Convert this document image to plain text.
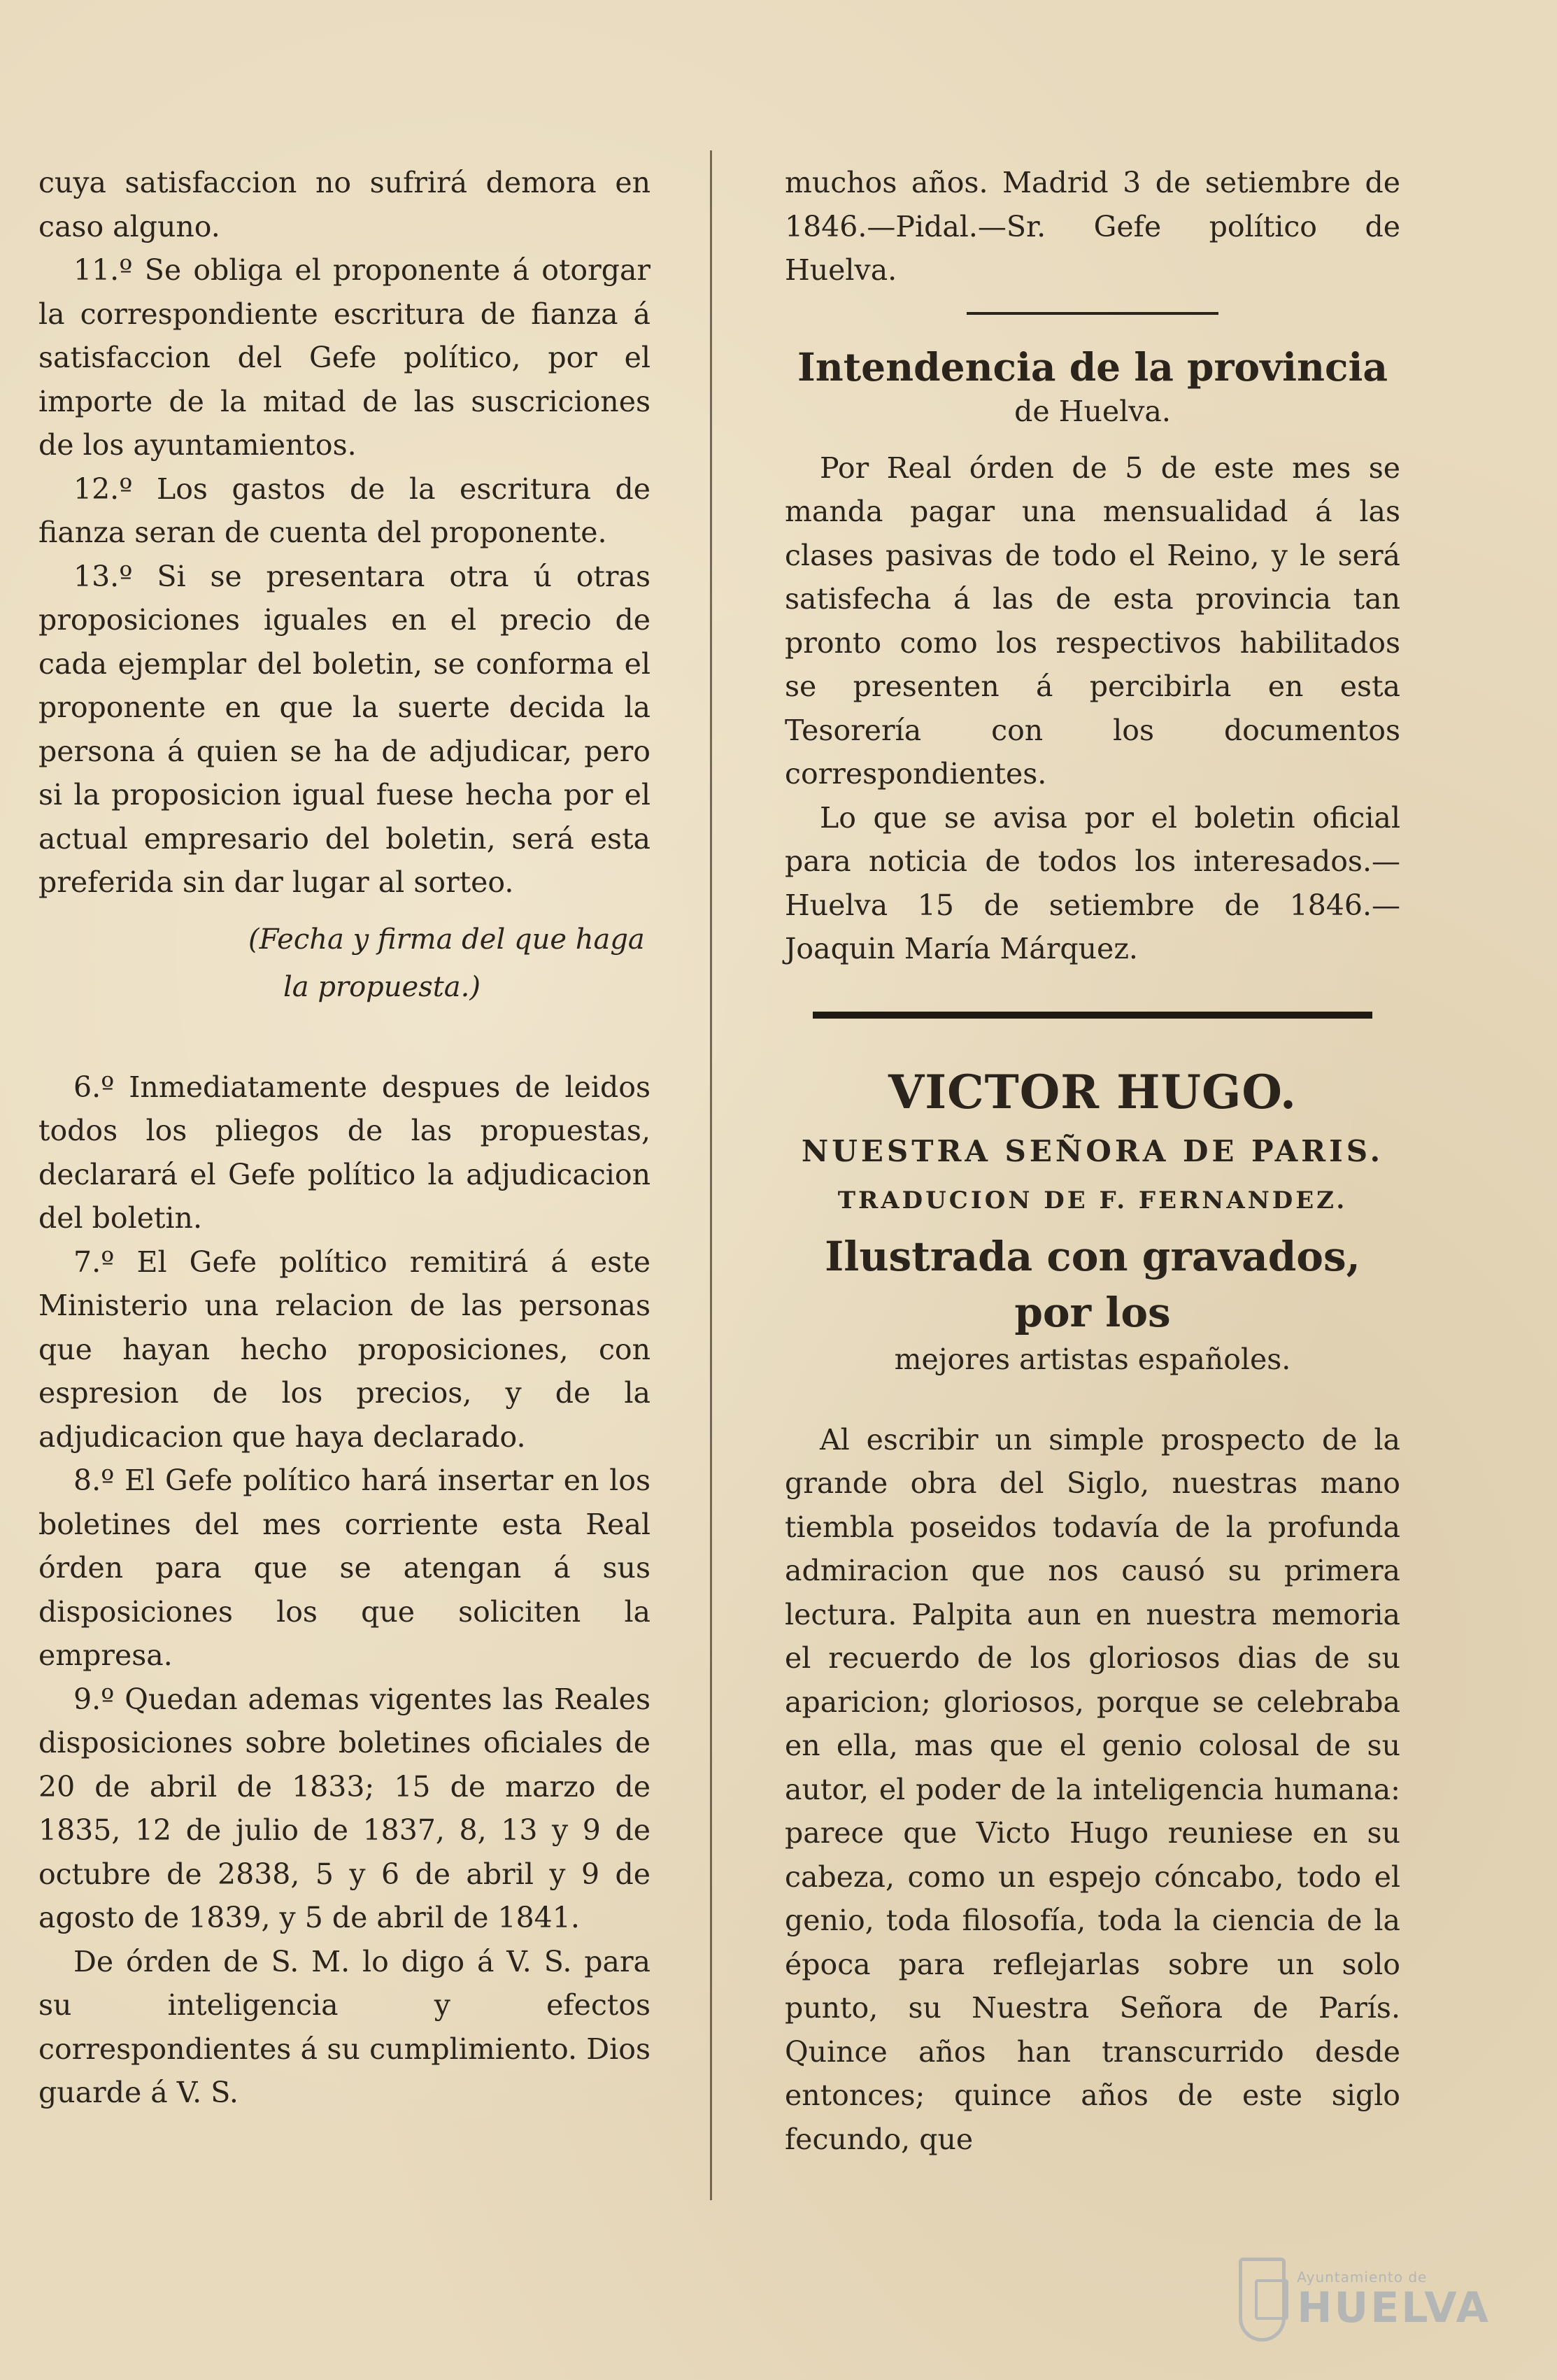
cuya satisfaccion no sufrirá demora en caso alguno.

11.º Se obliga el proponente á otorgar la correspondiente escritura de fianza á satisfaccion del Gefe político, por el importe de la mitad de las suscriciones de los ayuntamientos.

12.º Los gastos de la escritura de fianza seran de cuenta del proponente.

13.º Si se presentara otra ú otras proposiciones iguales en el precio de cada ejemplar del boletin, se conforma el proponente en que la suerte decida la persona á quien se ha de adjudicar, pero si la proposicion igual fuese hecha por el actual empresario del boletin, será esta preferida sin dar lugar al sorteo.

(Fecha y firma del que haga
la propuesta.)

6.º Inmediatamente despues de leidos todos los pliegos de las propuestas, declarará el Gefe político la adjudicacion del boletin.

7.º El Gefe político remitirá á este Ministerio una relacion de las personas que hayan hecho proposiciones, con espresion de los precios, y de la adjudicacion que haya declarado.

8.º El Gefe político hará insertar en los boletines del mes corriente esta Real órden para que se atengan á sus disposiciones los que soliciten la empresa.

9.º Quedan ademas vigentes las Reales disposiciones sobre boletines oficiales de 20 de abril de 1833; 15 de marzo de 1835, 12 de julio de 1837, 8, 13 y 9 de octubre de 2838, 5 y 6 de abril y 9 de agosto de 1839, y 5 de abril de 1841.

De órden de S. M. lo digo á V. S. para su inteligencia y efectos correspondientes á su cumplimiento. Dios guarde á V. S.

muchos años. Madrid 3 de setiembre de 1846.—Pidal.—Sr. Gefe político de Huelva.

Intendencia de la provincia
de Huelva.

Por Real órden de 5 de este mes se manda pagar una mensualidad á las clases pasivas de todo el Reino, y le será satisfecha á las de esta provincia tan pronto como los respectivos habilitados se presenten á percibirla en esta Tesorería con los documentos correspondientes.

Lo que se avisa por el boletin oficial para noticia de todos los interesados.—Huelva 15 de setiembre de 1846.—Joaquin María Márquez.

VICTOR HUGO.
NUESTRA SEÑORA DE PARIS.
TRADUCION DE F. FERNANDEZ.
Ilustrada con gravados, por los
mejores artistas españoles.

Al escribir un simple prospecto de la grande obra del Siglo, nuestras mano tiembla poseidos todavía de la profunda admiracion que nos causó su primera lectura. Palpita aun en nuestra memoria el recuerdo de los gloriosos dias de su aparicion; gloriosos, porque se celebraba en ella, mas que el genio colosal de su autor, el poder de la inteligencia humana: parece que Victo Hugo reuniese en su cabeza, como un espejo cóncabo, todo el genio, toda filosofía, toda la ciencia de la época para reflejarlas sobre un solo punto, su Nuestra Señora de París. Quince años han transcurrido desde entonces; quince años de este siglo fecundo, que

Ayuntamiento de
HUELVA
